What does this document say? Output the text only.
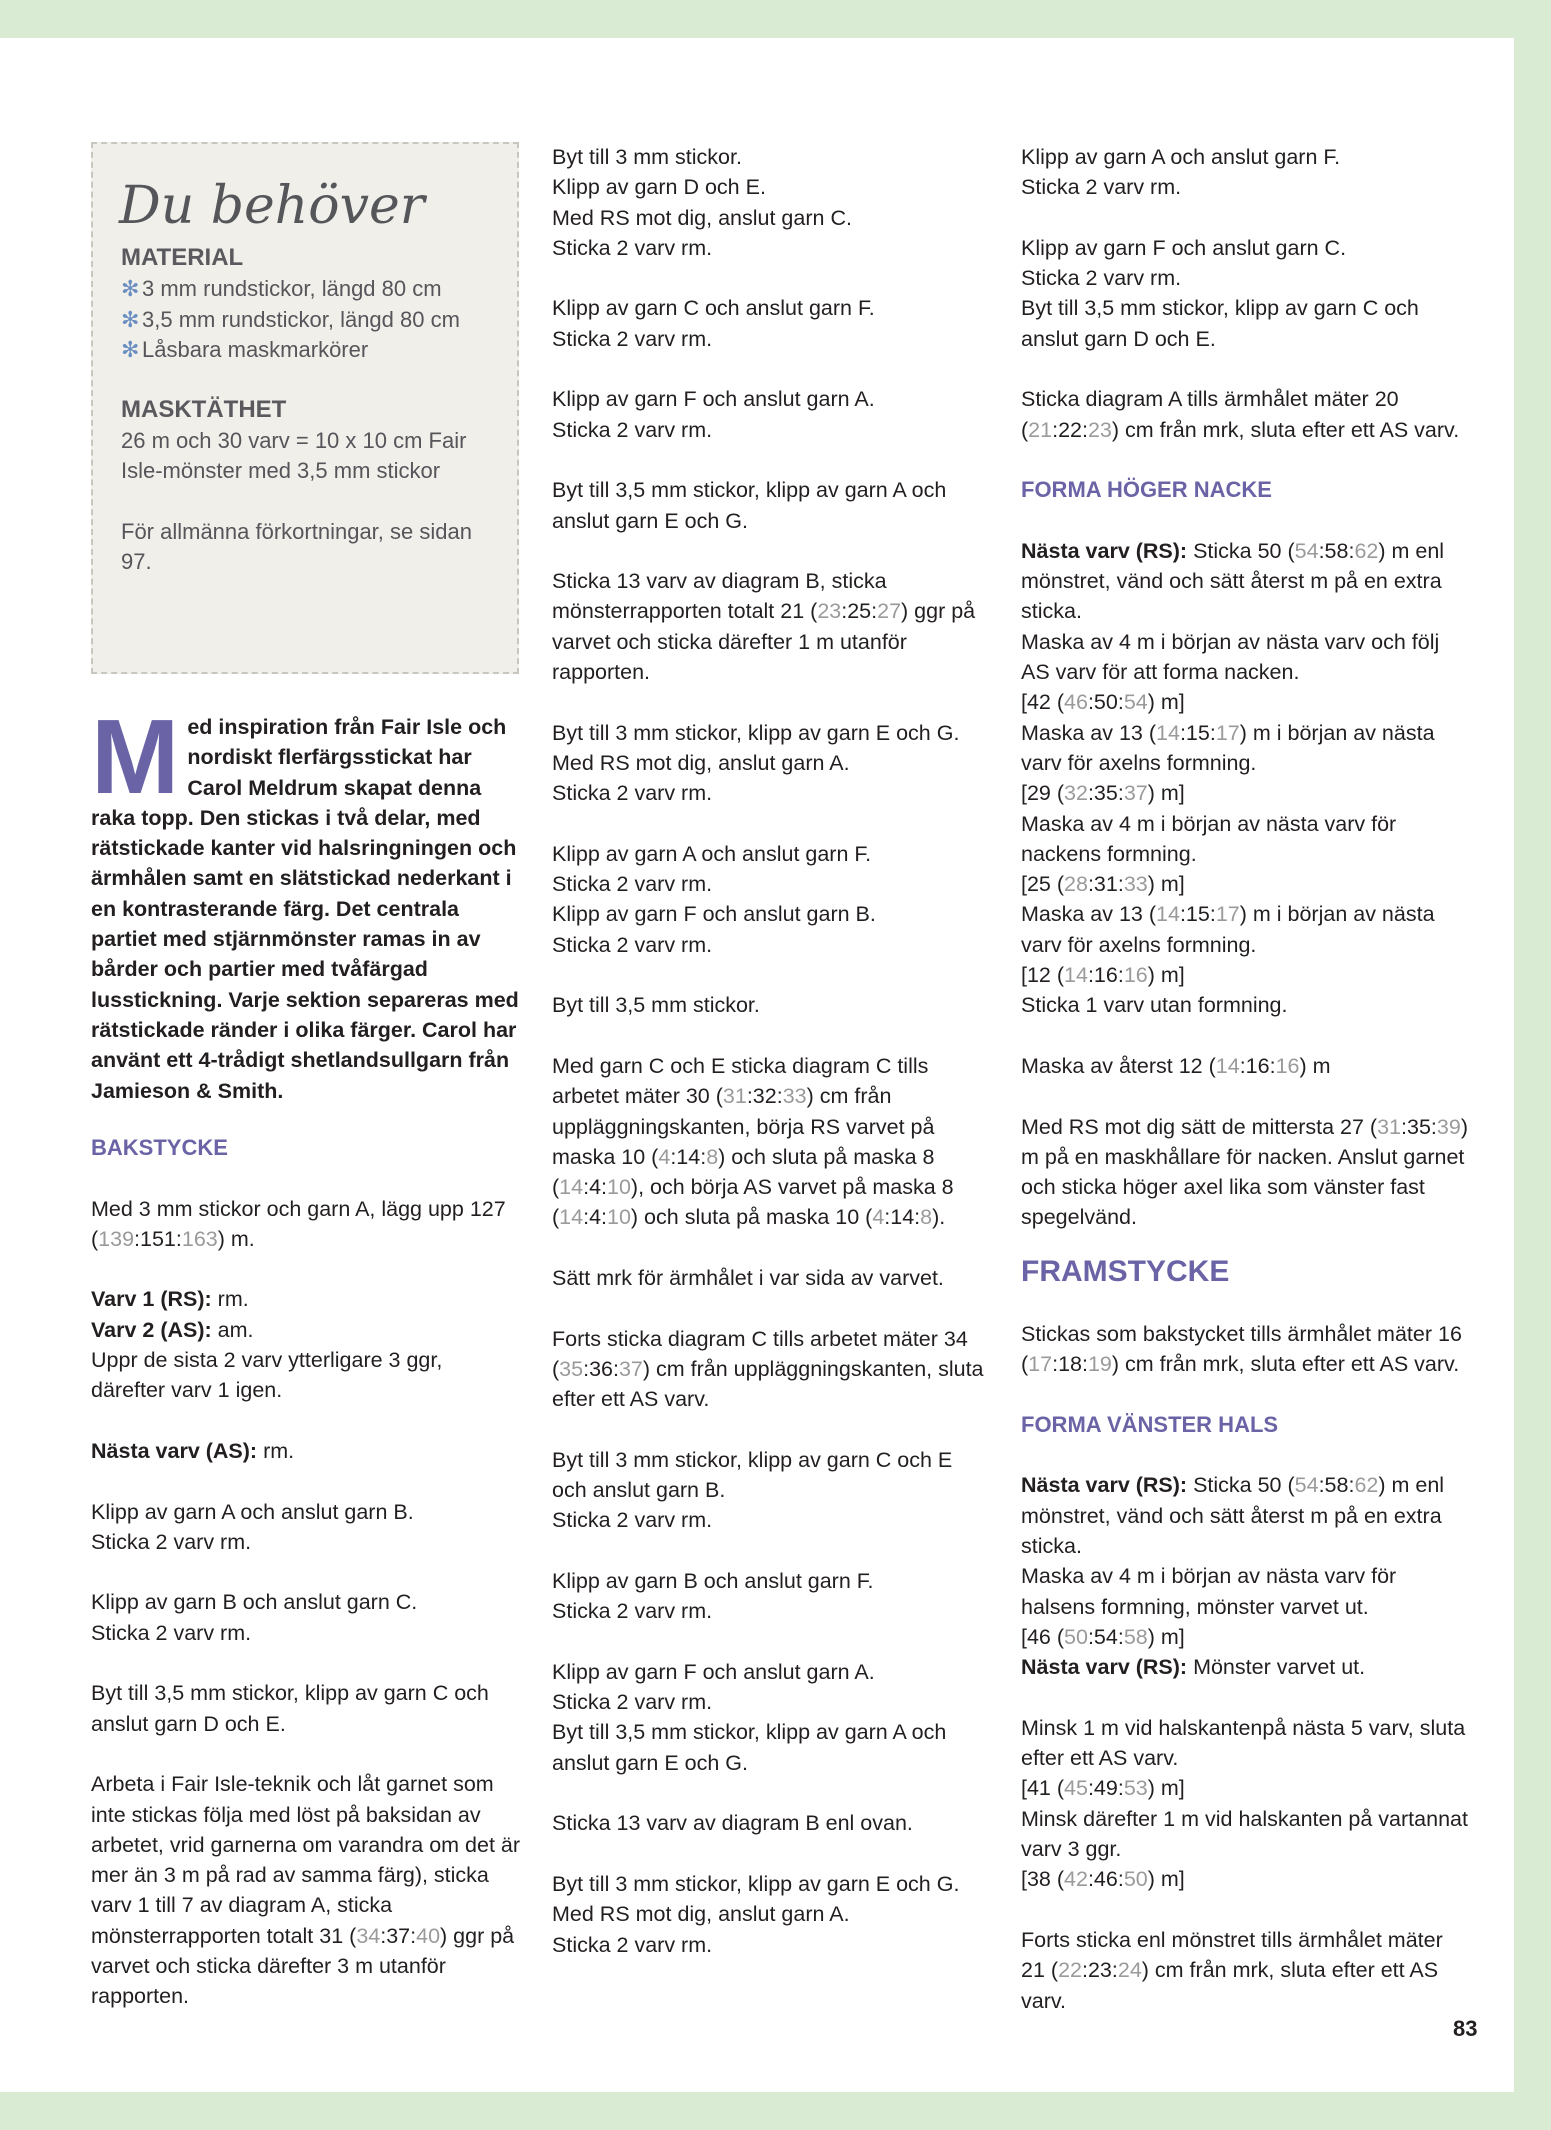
Du behöver

MATERIAL

✻ 3 mm rundstickor, längd 80 cm
✻ 3,5 mm rundstickor, längd 80 cm
✻ Låsbara maskmarkörer

MASKTÄTHET

26 m och 30 varv = 10 x 10 cm Fair Isle-mönster med 3,5 mm stickor

För allmänna förkortningar, se sidan 97.

Med inspiration från Fair Isle och nordiskt flerfärgsstickat har Carol Meldrum skapat denna raka topp. Den stickas i två delar, med rätstickade kanter vid halsringningen och ärmhålen samt en slätstickad nederkant i en kontrasterande färg. Det centrala partiet med stjärnmönster ramas in av bårder och partier med tvåfärgad lusstickning. Varje sektion separeras med rätstickade ränder i olika färger. Carol har använt ett 4-trådigt shetlandsullgarn från Jamieson & Smith.

BAKSTYCKE

Med 3 mm stickor och garn A, lägg upp 127 (139:151:163) m.

Varv 1 (RS): rm.
Varv 2 (AS): am.
Uppr de sista 2 varv ytterligare 3 ggr, därefter varv 1 igen.

Nästa varv (AS): rm.

Klipp av garn A och anslut garn B.
Sticka 2 varv rm.

Klipp av garn B och anslut garn C.
Sticka 2 varv rm.

Byt till 3,5 mm stickor, klipp av garn C och anslut garn D och E.

Arbeta i Fair Isle-teknik och låt garnet som inte stickas följa med löst på baksidan av arbetet, vrid garnerna om varandra om det är mer än 3 m på rad av samma färg), sticka varv 1 till 7 av diagram A, sticka mönsterrapporten totalt 31 (34:37:40) ggr på varvet och sticka därefter 3 m utanför rapporten.

Byt till 3 mm stickor.
Klipp av garn D och E.
Med RS mot dig, anslut garn C.
Sticka 2 varv rm.

Klipp av garn C och anslut garn F.
Sticka 2 varv rm.

Klipp av garn F och anslut garn A.
Sticka 2 varv rm.

Byt till 3,5 mm stickor, klipp av garn A och anslut garn E och G.

Sticka 13 varv av diagram B, sticka mönsterrapporten totalt 21 (23:25:27) ggr på varvet och sticka därefter 1 m utanför rapporten.

Byt till 3 mm stickor, klipp av garn E och G.
Med RS mot dig, anslut garn A.
Sticka 2 varv rm.

Klipp av garn A och anslut garn F.
Sticka 2 varv rm.
Klipp av garn F och anslut garn B.
Sticka 2 varv rm.

Byt till 3,5 mm stickor.

Med garn C och E sticka diagram C tills arbetet mäter 30 (31:32:33) cm från uppläggningskanten, börja RS varvet på maska 10 (4:14:8) och sluta på maska 8 (14:4:10), och börja AS varvet på maska 8 (14:4:10) och sluta på maska 10 (4:14:8).

Sätt mrk för ärmhålet i var sida av varvet.

Forts sticka diagram C tills arbetet mäter 34 (35:36:37) cm från uppläggningskanten, sluta efter ett AS varv.

Byt till 3 mm stickor, klipp av garn C och E och anslut garn B.
Sticka 2 varv rm.

Klipp av garn B och anslut garn F.
Sticka 2 varv rm.

Klipp av garn F och anslut garn A.
Sticka 2 varv rm.
Byt till 3,5 mm stickor, klipp av garn A och anslut garn E och G.

Sticka 13 varv av diagram B enl ovan.

Byt till 3 mm stickor, klipp av garn E och G.
Med RS mot dig, anslut garn A.
Sticka 2 varv rm.

Klipp av garn A och anslut garn F.
Sticka 2 varv rm.

Klipp av garn F och anslut garn C.
Sticka 2 varv rm.
Byt till 3,5 mm stickor, klipp av garn C och anslut garn D och E.

Sticka diagram A tills ärmhålet mäter 20 (21:22:23) cm från mrk, sluta efter ett AS varv.

FORMA HÖGER NACKE

Nästa varv (RS): Sticka 50 (54:58:62) m enl mönstret, vänd och sätt återst m på en extra sticka.
Maska av 4 m i början av nästa varv och följ AS varv för att forma nacken.
[42 (46:50:54) m]
Maska av 13 (14:15:17) m i början av nästa varv för axelns formning.
[29 (32:35:37) m]
Maska av 4 m i början av nästa varv för nackens formning.
[25 (28:31:33) m]
Maska av 13 (14:15:17) m i början av nästa varv för axelns formning.
[12 (14:16:16) m]
Sticka 1 varv utan formning.

Maska av återst 12 (14:16:16) m

Med RS mot dig sätt de mittersta 27 (31:35:39) m på en maskhållare för nacken. Anslut garnet och sticka höger axel lika som vänster fast spegelvänd.

FRAMSTYCKE

Stickas som bakstycket tills ärmhålet mäter 16 (17:18:19) cm från mrk, sluta efter ett AS varv.

FORMA VÄNSTER HALS

Nästa varv (RS): Sticka 50 (54:58:62) m enl mönstret, vänd och sätt återst m på en extra sticka.
Maska av 4 m i början av nästa varv för halsens formning, mönster varvet ut.
[46 (50:54:58) m]
Nästa varv (RS): Mönster varvet ut.

Minsk 1 m vid halskantenpå nästa 5 varv, sluta efter ett AS varv.
[41 (45:49:53) m]
Minsk därefter 1 m vid halskanten på vartannat varv 3 ggr.
[38 (42:46:50) m]

Forts sticka enl mönstret tills ärmhålet mäter 21 (22:23:24) cm från mrk, sluta efter ett AS varv.

83
